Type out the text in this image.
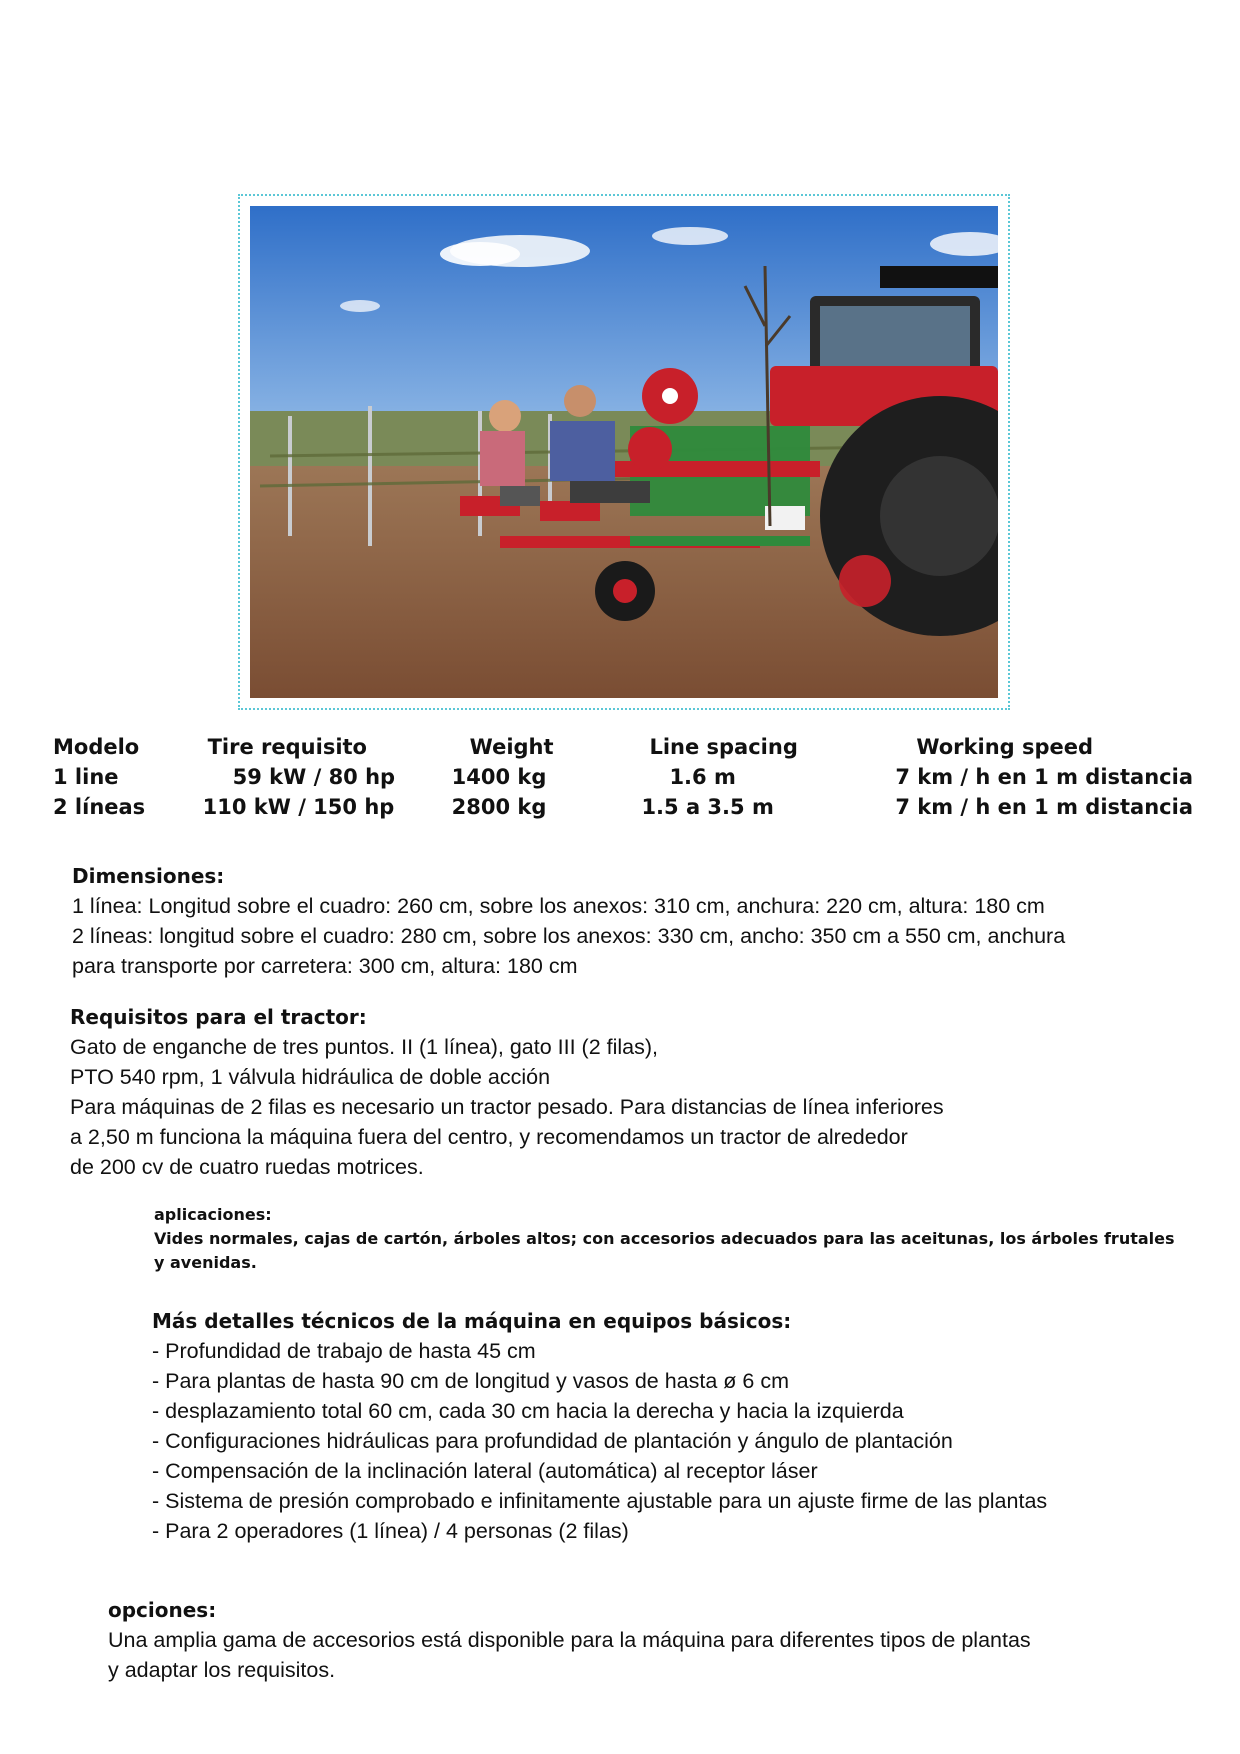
Modelo	Tire requisito	Weight	Line spacing	Working speed
1 line	59 kW / 80 hp	1400 kg	1.6 m	7 km / h en 1 m distancia
2 líneas	110 kW / 150 hp	2800 kg	1.5 a 3.5 m	7 km / h en 1 m distancia
Dimensiones:
1 línea: Longitud sobre el cuadro: 260 cm, sobre los anexos: 310 cm, anchura: 220 cm, altura: 180 cm
2 líneas: longitud sobre el cuadro: 280 cm, sobre los anexos: 330 cm, ancho: 350 cm a 550 cm, anchura
para transporte por carretera: 300 cm, altura: 180 cm
Requisitos para el tractor:
Gato de enganche de tres puntos. II (1 línea), gato III (2 filas),
PTO 540 rpm, 1 válvula hidráulica de doble acción
Para máquinas de 2 filas es necesario un tractor pesado. Para distancias de línea inferiores
a 2,50 m funciona la máquina fuera del centro, y recomendamos un tractor de alrededor
de 200 cv de cuatro ruedas motrices.
aplicaciones:
Vides normales, cajas de cartón, árboles altos; con accesorios adecuados para las aceitunas, los árboles frutales
y avenidas.
Más detalles técnicos de la máquina en equipos básicos:
- Profundidad de trabajo de hasta 45 cm
- Para plantas de hasta 90 cm de longitud y vasos de hasta ø 6 cm
- desplazamiento total 60 cm, cada 30 cm hacia la derecha y hacia la izquierda
- Configuraciones hidráulicas para profundidad de plantación y ángulo de plantación
- Compensación de la inclinación lateral (automática) al receptor láser
- Sistema de presión comprobado e infinitamente ajustable para un ajuste firme de las plantas
- Para 2 operadores (1 línea) / 4 personas (2 filas)
opciones:
Una amplia gama de accesorios está disponible para la máquina para diferentes tipos de plantas
y adaptar los requisitos.
